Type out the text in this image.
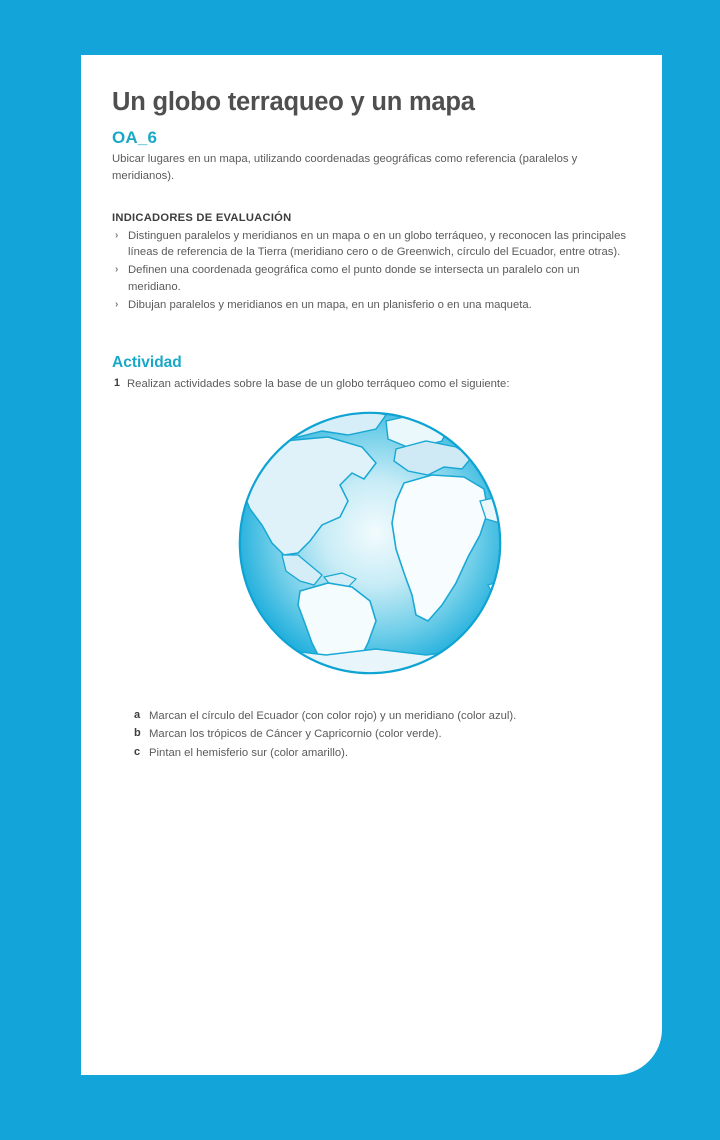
Un globo terraqueo y un mapa
OA_6

Ubicar lugares en un mapa, utilizando coordenadas geográficas como referencia (paralelos y meridianos).

INDICADORES DE EVALUACIÓN
› Distinguen paralelos y meridianos en un mapa o en un globo terráqueo, y reconocen las principales líneas de referencia de la Tierra (meridiano cero o de Greenwich, círculo del Ecuador, entre otras).
› Definen una coordenada geográfica como el punto donde se intersecta un paralelo con un meridiano.
› Dibujan paralelos y meridianos en un mapa, en un planisferio o en una maqueta.
Actividad
1 Realizan actividades sobre la base de un globo terráqueo como el siguiente:
a Marcan el círculo del Ecuador (con color rojo) y un meridiano (color azul).
b Marcan los trópicos de Cáncer y Capricornio (color verde).
c Pintan el hemisferio sur (color amarillo).
